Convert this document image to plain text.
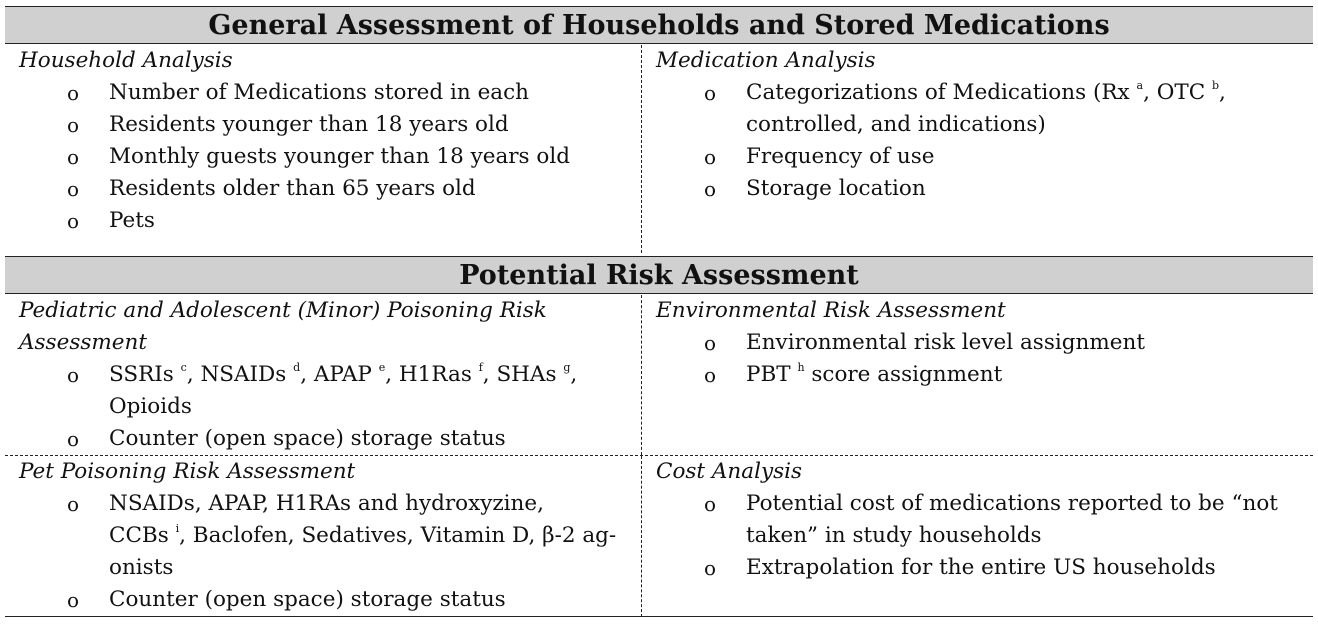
General Assessment of Households and Stored Medications

Household Analysis

o Number of Medications stored in each
o Residents younger than 18 years old
o Monthly guests younger than 18 years old
o Residents older than 65 years old
o Pets

Medication Analysis

o Categorizations of Medications (Rx $^a$, OTC $^b$,
controlled, and indications)
o Frequency of use
o Storage location
Potential Risk Assessment

Pediatric and Adolescent (Minor) Poisoning Risk
Assessment

o SSRIs $^c$, NSAIDs $^d$, APAP $^e$, H1Ras $^f$, SHAs $^g$,
Opioids
o Counter (open space) storage status

Environmental Risk Assessment

o Environmental risk level assignment
o PBT $^h$ score assignment

Pet Poisoning Risk Assessment

o NSAIDs, APAP, H1RAs and hydroxyzine,
CCBs $^i$, Baclofen, Sedatives, Vitamin D, β-2 ag-
onists
o Counter (open space) storage status

Cost Analysis

o Potential cost of medications reported to be “not
taken” in study households
o Extrapolation for the entire US households
